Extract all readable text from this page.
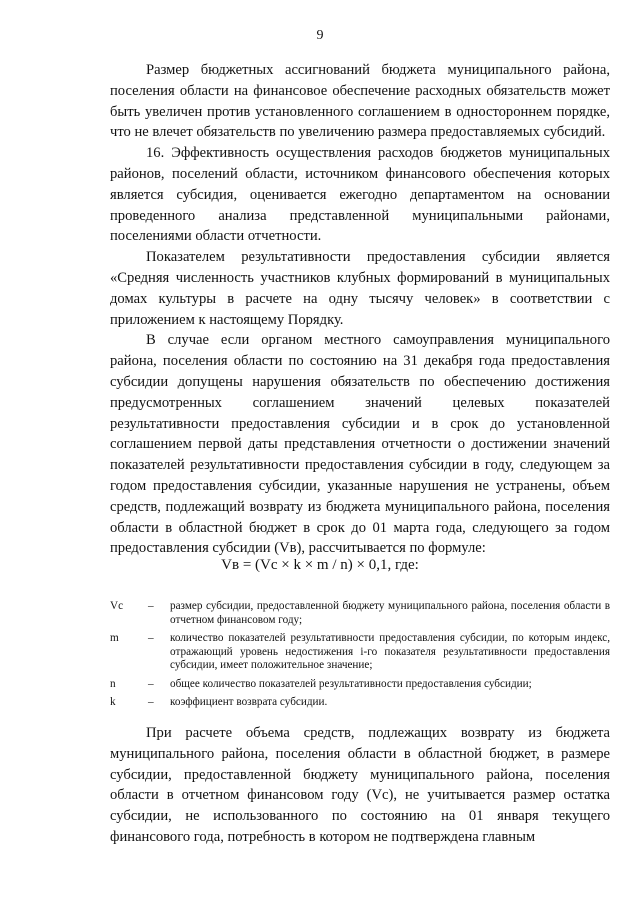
9

Размер бюджетных ассигнований бюджета муниципального района, поселения области на финансовое обеспечение расходных обязательств может быть увеличен против установленного соглашением в одностороннем порядке, что не влечет обязательств по увеличению размера предоставляемых субсидий.

16. Эффективность осуществления расходов бюджетов муниципальных районов, поселений области, источником финансового обеспечения которых является субсидия, оценивается ежегодно департаментом на основании проведенного анализа представленной муниципальными районами, поселениями области отчетности.

Показателем результативности предоставления субсидии является «Средняя численность участников клубных формирований в муниципальных домах культуры в расчете на одну тысячу человек» в соответствии с приложением к настоящему Порядку.

В случае если органом местного самоуправления муниципального района, поселения области по состоянию на 31 декабря года предоставления субсидии допущены нарушения обязательств по обеспечению достижения предусмотренных соглашением значений целевых показателей результативности предоставления субсидии и в срок до установленной соглашением первой даты представления отчетности о достижении значений показателей результативности предоставления субсидии в году, следующем за годом предоставления субсидии, указанные нарушения не устранены, объем средств, подлежащий возврату из бюджета муниципального района, поселения области в областной бюджет в срок до 01 марта года, следующего за годом предоставления субсидии (Vв), рассчитывается по формуле:

Vв = (Vс × k × m / n) × 0,1, где:
Vс – размер субсидии, предоставленной бюджету муниципального района, поселения области в отчетном финансовом году;
m	– количество показателей результативности предоставления субсидии, по которым индекс, отражающий уровень недостижения i-го показателя результативности предоставления субсидии, имеет положительное значение;
n	– общее количество показателей результативности предоставления субсидии;
k	– коэффициент возврата субсидии.

При расчете объема средств, подлежащих возврату из бюджета муниципального района, поселения области в областной бюджет, в размере субсидии, предоставленной бюджету муниципального района, поселения области в отчетном финансовом году (Vс), не учитывается размер остатка субсидии, не использованного по состоянию на 01 января текущего финансового года, потребность в котором не подтверждена главным
